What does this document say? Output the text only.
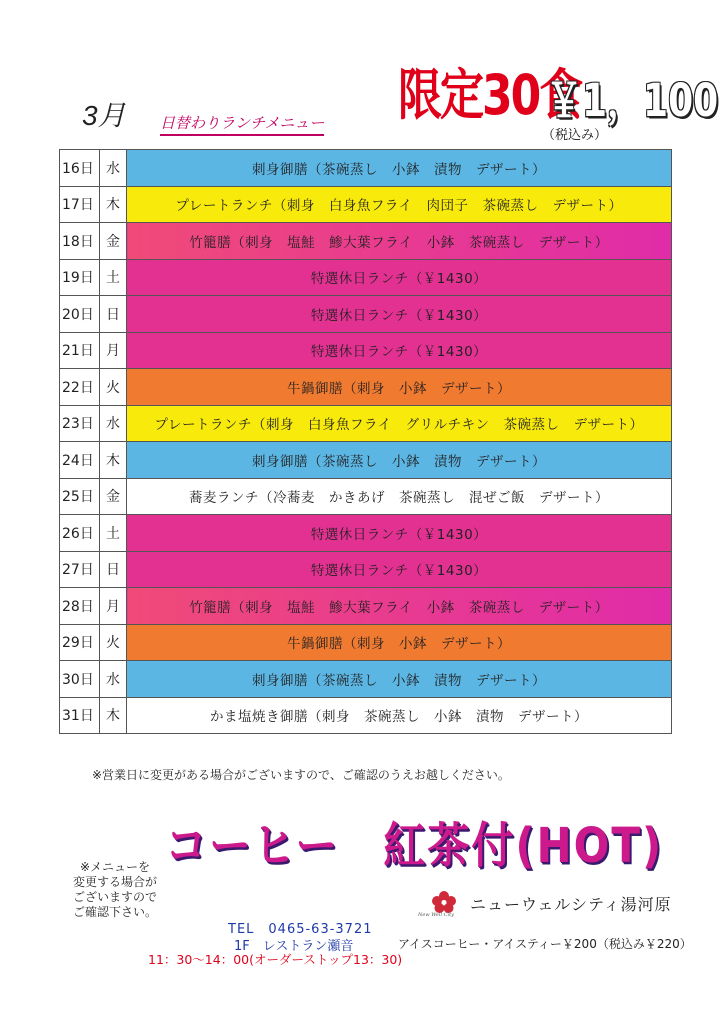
3月 日替わりランチメニュー 限定30食
￥1，100
（税込み）
16日	水	刺身御膳（茶碗蒸し　小鉢　漬物　デザート）
17日	木	プレートランチ（刺身　白身魚フライ　肉団子　茶碗蒸し　デザート）
18日	金	竹籠膳（刺身　塩鮭　鯵大葉フライ　小鉢　茶碗蒸し　デザート）
19日	土	特選休日ランチ（￥1430）
20日	日	特選休日ランチ（￥1430）
21日	月	特選休日ランチ（￥1430）
22日	火	牛鍋御膳（刺身　小鉢　デザート）
23日	水	プレートランチ（刺身　白身魚フライ　グリルチキン　茶碗蒸し　デザート）
24日	木	刺身御膳（茶碗蒸し　小鉢　漬物　デザート）
25日	金	蕎麦ランチ（冷蕎麦　かきあげ　茶碗蒸し　混ぜご飯　デザート）
26日	土	特選休日ランチ（￥1430）
27日	日	特選休日ランチ（￥1430）
28日	月	竹籠膳（刺身　塩鮭　鯵大葉フライ　小鉢　茶碗蒸し　デザート）
29日	火	牛鍋御膳（刺身　小鉢　デザート）
30日	水	刺身御膳（茶碗蒸し　小鉢　漬物　デザート）
31日	木	かま塩焼き御膳（刺身　茶碗蒸し　小鉢　漬物　デザート）
※営業日に変更がある場合がございますので、ご確認のうえお越しください。
コーヒー　紅茶付(HOT)
※メニューを
変更する場合が
ございますので
ご確認下さい。
TEL　0465-63-3721
1F　レストラン瀬音
11：30～14：00(オーダーストップ13：30)
New Well City
ニューウェルシティ湯河原
アイスコーヒー・アイスティー￥200（税込み￥220）
